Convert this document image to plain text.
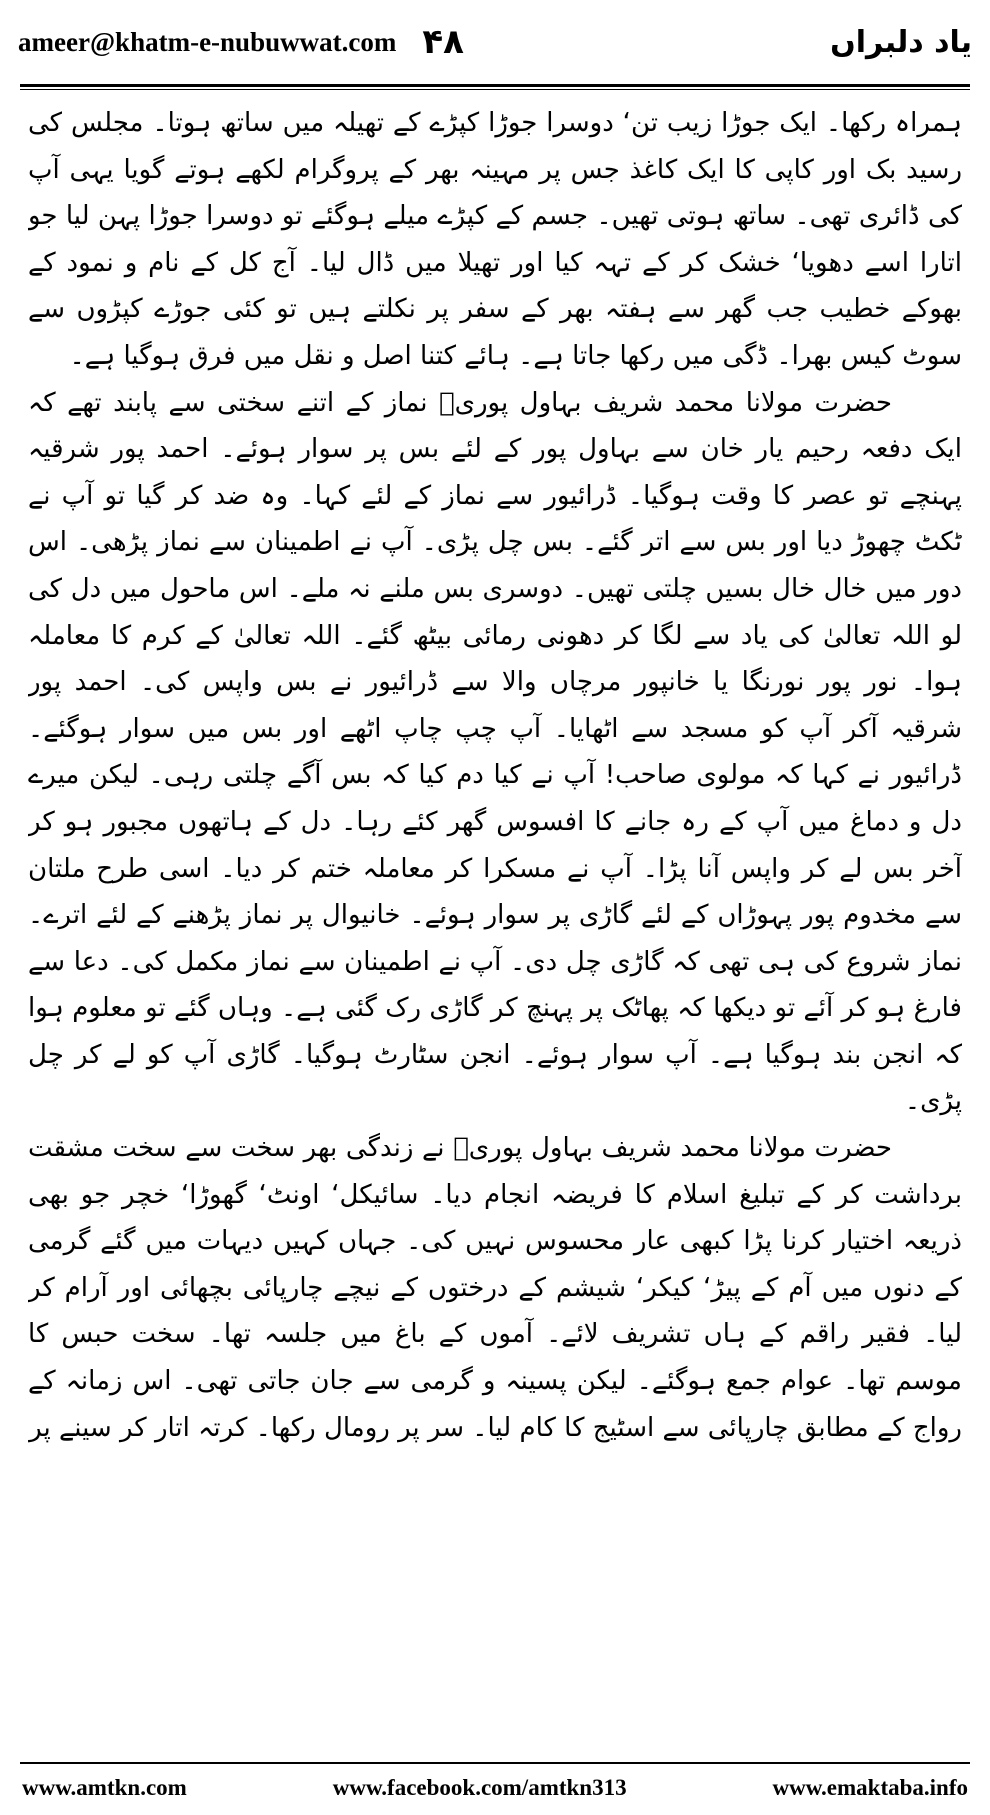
ameer@khatm-e-nubuwwat.com ۴۸	یاد دلبراں

ہمراہ رکھا۔ ایک جوڑا زیب تن‘ دوسرا جوڑا کپڑے کے تھیلہ میں ساتھ ہوتا۔ مجلس کی رسید بک اور کاپی کا ایک کاغذ جس پر مہینہ بھر کے پروگرام لکھے ہوتے گویا یہی آپ کی ڈائری تھی۔ ساتھ ہوتی تھیں۔ جسم کے کپڑے میلے ہوگئے تو دوسرا جوڑا پہن لیا جو اتارا اسے دھویا‘ خشک کر کے تہہ کیا اور تھیلا میں ڈال لیا۔ آج کل کے نام و نمود کے بھوکے خطیب جب گھر سے ہفتہ بھر کے سفر پر نکلتے ہیں تو کئی جوڑے کپڑوں سے سوٹ کیس بھرا۔ ڈگی میں رکھا جاتا ہے۔ ہائے کتنا اصل و نقل میں فرق ہوگیا ہے۔

حضرت مولانا محمد شریف بہاول پوریؒ نماز کے اتنے سختی سے پابند تھے کہ ایک دفعہ رحیم یار خان سے بہاول پور کے لئے بس پر سوار ہوئے۔ احمد پور شرقیہ پہنچے تو عصر کا وقت ہوگیا۔ ڈرائیور سے نماز کے لئے کہا۔ وہ ضد کر گیا تو آپ نے ٹکٹ چھوڑ دیا اور بس سے اتر گئے۔ بس چل پڑی۔ آپ نے اطمینان سے نماز پڑھی۔ اس دور میں خال خال بسیں چلتی تھیں۔ دوسری بس ملنے نہ ملے۔ اس ماحول میں دل کی لو اللہ تعالیٰ کی یاد سے لگا کر دھونی رمائی بیٹھ گئے۔ اللہ تعالیٰ کے کرم کا معاملہ ہوا۔ نور پور نورنگا یا خانپور مرچاں والا سے ڈرائیور نے بس واپس کی۔ احمد پور شرقیہ آکر آپ کو مسجد سے اٹھایا۔ آپ چپ چاپ اٹھے اور بس میں سوار ہوگئے۔ ڈرائیور نے کہا کہ مولوی صاحب! آپ نے کیا دم کیا کہ بس آگے چلتی رہی۔ لیکن میرے دل و دماغ میں آپ کے رہ جانے کا افسوس گھر کئے رہا۔ دل کے ہاتھوں مجبور ہو کر آخر بس لے کر واپس آنا پڑا۔ آپ نے مسکرا کر معاملہ ختم کر دیا۔ اسی طرح ملتان سے مخدوم پور پہوڑاں کے لئے گاڑی پر سوار ہوئے۔ خانیوال پر نماز پڑھنے کے لئے اترے۔ نماز شروع کی ہی تھی کہ گاڑی چل دی۔ آپ نے اطمینان سے نماز مکمل کی۔ دعا سے فارغ ہو کر آئے تو دیکھا کہ پھاٹک پر پہنچ کر گاڑی رک گئی ہے۔ وہاں گئے تو معلوم ہوا کہ انجن بند ہوگیا ہے۔ آپ سوار ہوئے۔ انجن سٹارٹ ہوگیا۔ گاڑی آپ کو لے کر چل پڑی۔

حضرت مولانا محمد شریف بہاول پوریؒ نے زندگی بھر سخت سے سخت مشقت برداشت کر کے تبلیغ اسلام کا فریضہ انجام دیا۔ سائیکل‘ اونٹ‘ گھوڑا‘ خچر جو بھی ذریعہ اختیار کرنا پڑا کبھی عار محسوس نہیں کی۔ جہاں کہیں دیہات میں گئے گرمی کے دنوں میں آم کے پیڑ‘ کیکر‘ شیشم کے درختوں کے نیچے چارپائی بچھائی اور آرام کر لیا۔ فقیر راقم کے ہاں تشریف لائے۔ آموں کے باغ میں جلسہ تھا۔ سخت حبس کا موسم تھا۔ عوام جمع ہوگئے۔ لیکن پسینہ و گرمی سے جان جاتی تھی۔ اس زمانہ کے رواج کے مطابق چارپائی سے اسٹیج کا کام لیا۔ سر پر رومال رکھا۔ کرتہ اتار کر سینے پر

www.amtkn.com	www.facebook.com/amtkn313	www.emaktaba.info
